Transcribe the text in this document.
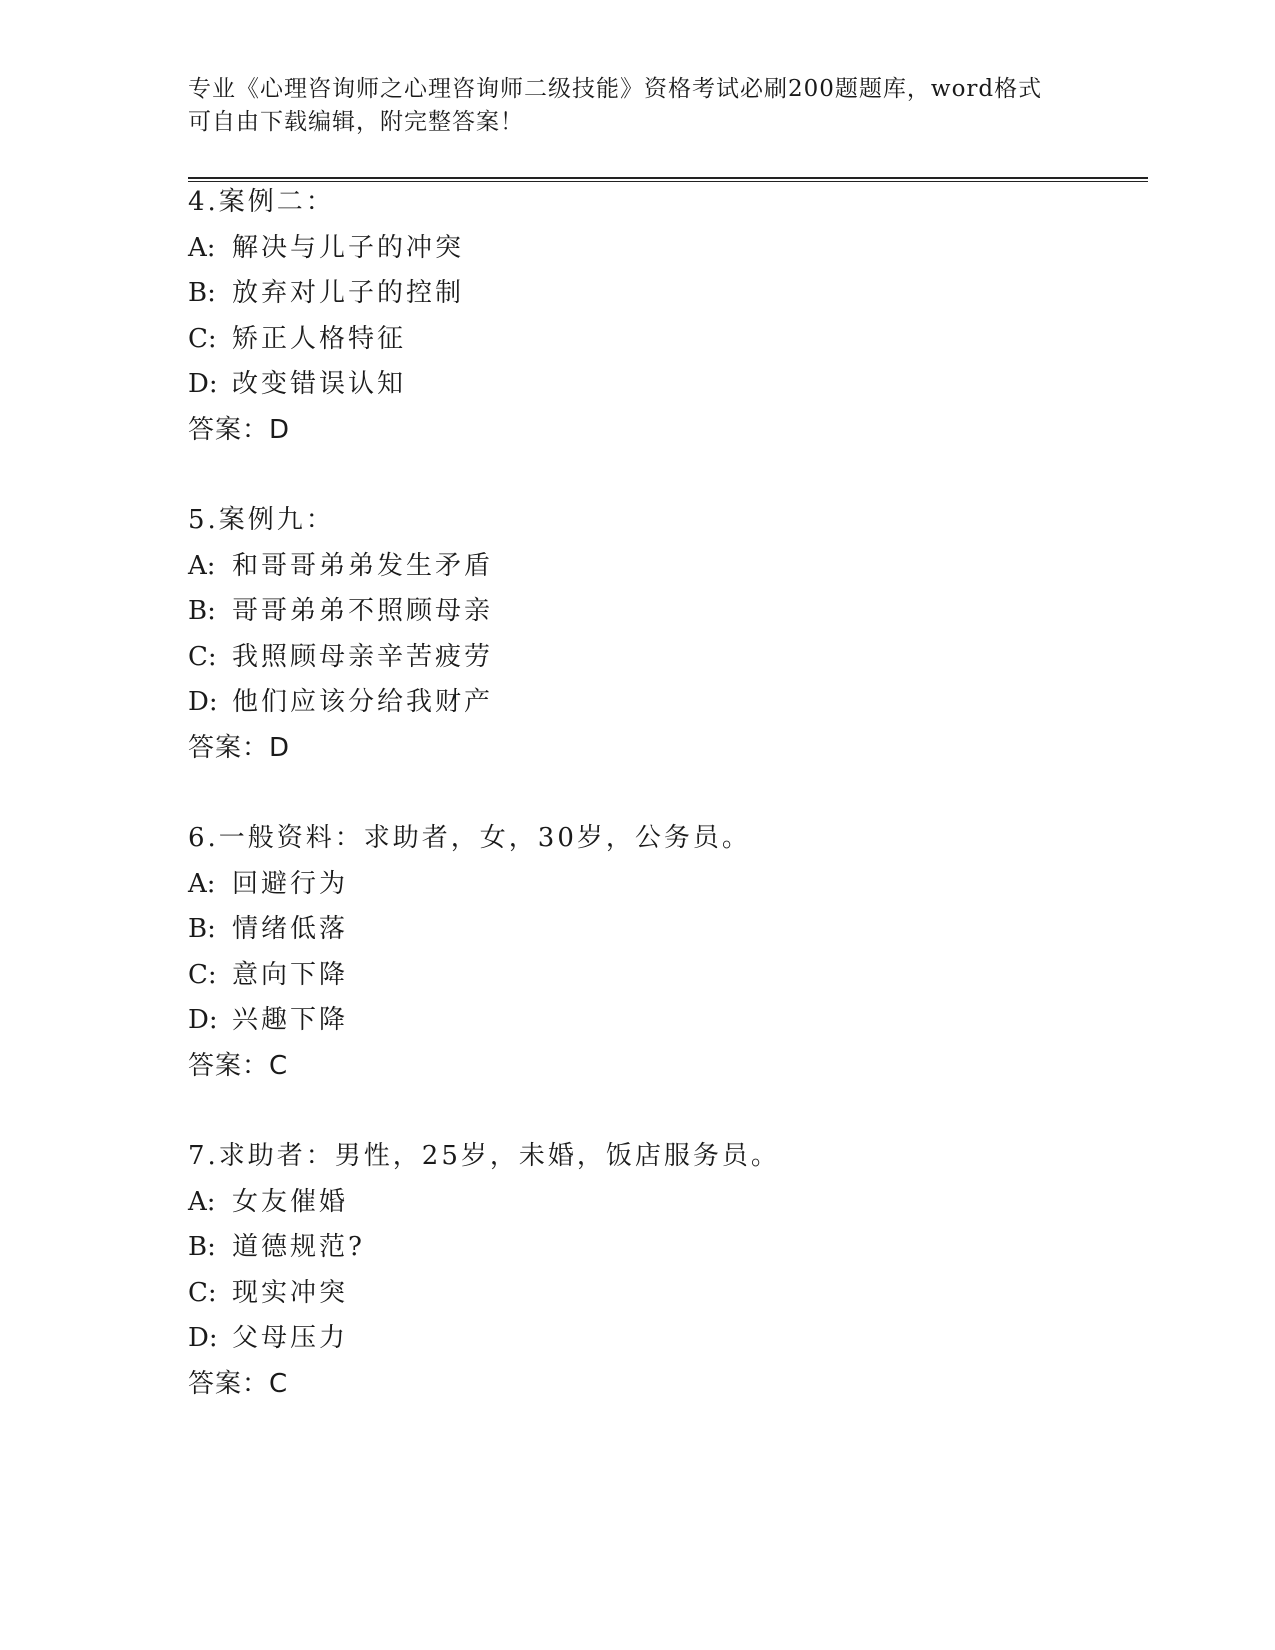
专业《心理咨询师之心理咨询师二级技能》资格考试必刷200题题库，word格式
可自由下载编辑，附完整答案！
4.案例二：
A: 解决与儿子的冲突
B: 放弃对儿子的控制
C: 矫正人格特征
D: 改变错误认知
答案：D
5.案例九：
A: 和哥哥弟弟发生矛盾
B: 哥哥弟弟不照顾母亲
C: 我照顾母亲辛苦疲劳
D: 他们应该分给我财产
答案：D
6.一般资料：求助者，女，30岁，公务员。
A: 回避行为
B: 情绪低落
C: 意向下降
D: 兴趣下降
答案：C
7.求助者：男性，25岁，未婚，饭店服务员。
A: 女友催婚
B: 道德规范?
C: 现实冲突
D: 父母压力
答案：C
